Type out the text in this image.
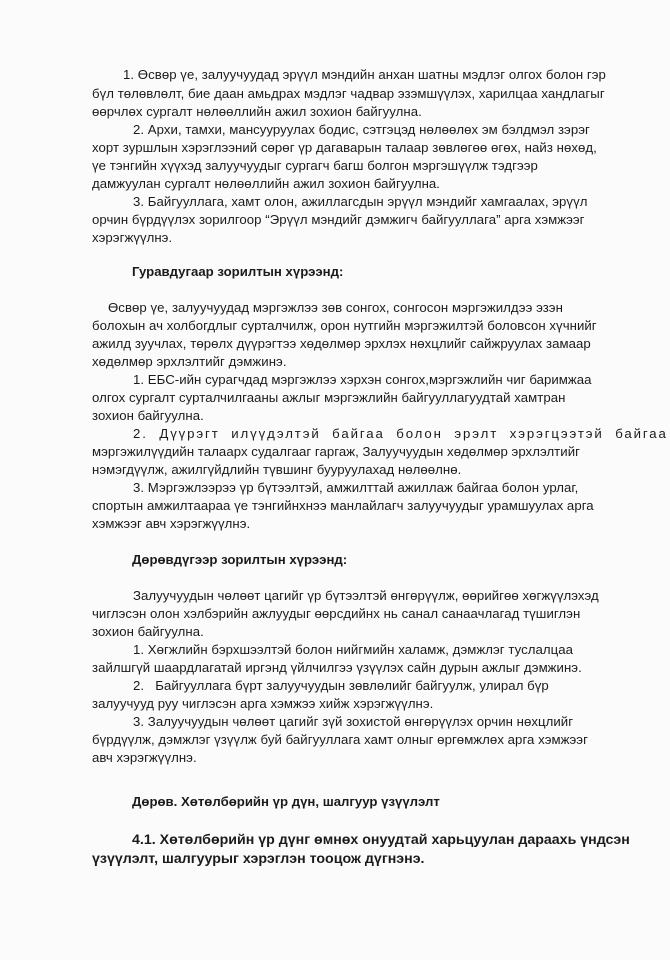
1. Өсвөр үе, залуучуудад эрүүл мэндийн анхан шатны мэдлэг олгох болон гэр
бүл төлөвлөлт, бие даан амьдрах мэдлэг чадвар эзэмшүүлэх, харилцаа хандлагыг
өөрчлөх сургалт нөлөөллийн ажил зохион байгуулна.
2. Архи, тамхи, мансууруулах бодис, сэтгэцэд нөлөөлөх эм бэлдмэл зэрэг
хорт зуршлын хэрэглээний сөрөг үр дагаварын талаар зөвлөгөө өгөх, найз нөхөд,
үе тэнгийн хүүхэд залуучуудыг сургагч багш болгон мэргэшүүлж тэдгээр
дамжуулан сургалт нөлөөллийн ажил зохион байгуулна.
3. Байгууллага, хамт олон, ажиллагсдын эрүүл мэндийг хамгаалах, эрүүл
орчин бүрдүүлэх зорилгоор “Эрүүл мэндийг дэмжигч байгууллага” арга хэмжээг
хэрэгжүүлнэ.
Гуравдугаар зорилтын хүрээнд:
Өсвөр үе, залуучуудад мэргэжлээ зөв сонгох, сонгосон мэргэжилдээ эзэн
болохын ач холбогдлыг сурталчилж, орон нутгийн мэргэжилтэй боловсон хүчнийг
ажилд зуучлах, төрөлх дүүрэгтээ хөдөлмөр эрхлэх нөхцлийг сайжруулах замаар
хөдөлмөр эрхлэлтийг дэмжинэ.
1. ЕБС-ийн сурагчдад мэргэжлээ хэрхэн сонгох,мэргэжлийн чиг баримжаа
олгох сургалт сурталчилгааны ажлыг мэргэжлийн байгууллагуудтай хамтран
зохион байгуулна.
2. Дүүрэгт илүүдэлтэй байгаа болон эрэлт хэрэгцээтэй байгаа
мэргэжилүүдийн талаарх судалгааг гаргаж, Залуучуудын хөдөлмөр эрхлэлтийг
нэмэгдүүлж, ажилгүйдлийн түвшинг бууруулахад нөлөөлнө.
3. Мэргэжлээрээ үр бүтээлтэй, амжилттай ажиллаж байгаа болон урлаг,
спортын амжилтаараа үе тэнгийнхнээ манлайлагч залуучуудыг урамшуулах арга
хэмжээг авч хэрэгжүүлнэ.
Дөрөвдүгээр зорилтын хүрээнд:
Залуучуудын чөлөөт цагийг үр бүтээлтэй өнгөрүүлж, өөрийгөө хөгжүүлэхэд
чиглэсэн олон хэлбэрийн ажлуудыг өөрсдийнх нь санал санаачлагад түшиглэн
зохион байгуулна.
1. Хөгжлийн бэрхшээлтэй болон нийгмийн халамж, дэмжлэг туслалцаа
зайлшгүй шаардлагатай иргэнд үйлчилгээ үзүүлэх сайн дурын ажлыг дэмжинэ.
2.   Байгууллага бүрт залуучуудын зөвлөлийг байгуулж, улирал бүр
залуучууд руу чиглэсэн арга хэмжээ хийж хэрэгжүүлнэ.
3. Залуучуудын чөлөөт цагийг зүй зохистой өнгөрүүлэх орчин нөхцлийг
бүрдүүлж, дэмжлэг үзүүлж буй байгууллага хамт олныг өргөмжлөх арга хэмжээг
авч хэрэгжүүлнэ.
Дөрөв. Хөтөлбөрийн үр дүн, шалгуур үзүүлэлт
4.1. Хөтөлбөрийн үр дүнг өмнөх онуудтай харьцуулан дараахь үндсэн
үзүүлэлт, шалгуурыг хэрэглэн тооцож дүгнэнэ.
